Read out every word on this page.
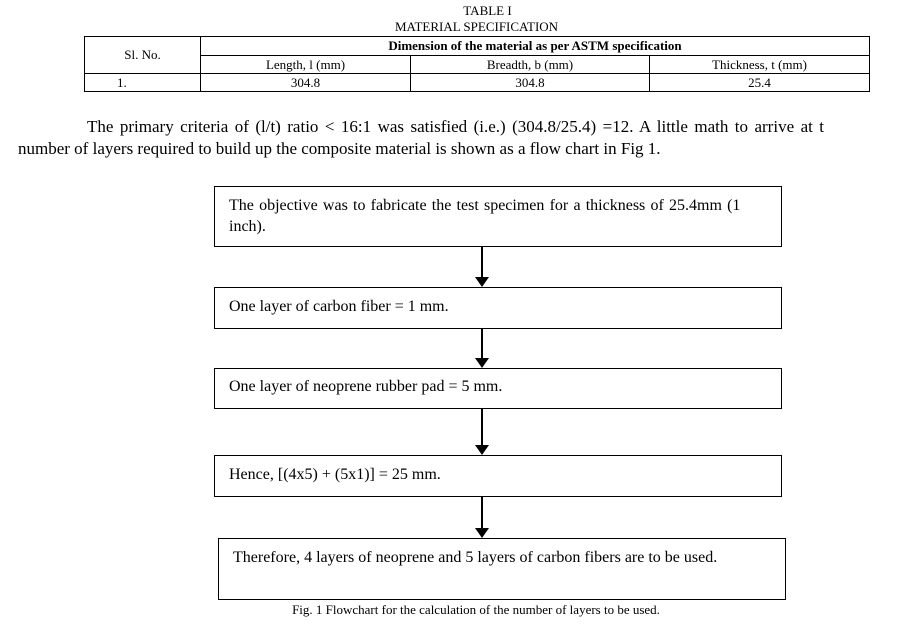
TABLE I
MATERIAL SPECIFICATION
Sl. No.	Dimension of the material as per ASTM specification		
	Length, l (mm)	Breadth, b (mm)	Thickness, t (mm)
1.	304.8	304.8	25.4
The primary criteria of (l/t) ratio < 16:1 was satisfied (i.e.) (304.8/25.4) =12. A little math to arrive at t
number of layers required to build up the composite material is shown as a flow chart in Fig 1.
The objective was to fabricate the test specimen for a thickness of 25.4mm (1 inch).
One layer of carbon fiber = 1 mm.
One layer of neoprene rubber pad = 5 mm.
Hence, [(4x5) + (5x1)] = 25 mm.
Therefore, 4 layers of neoprene and 5 layers of carbon fibers are to be used.
Fig. 1 Flowchart for the calculation of the number of layers to be used.
